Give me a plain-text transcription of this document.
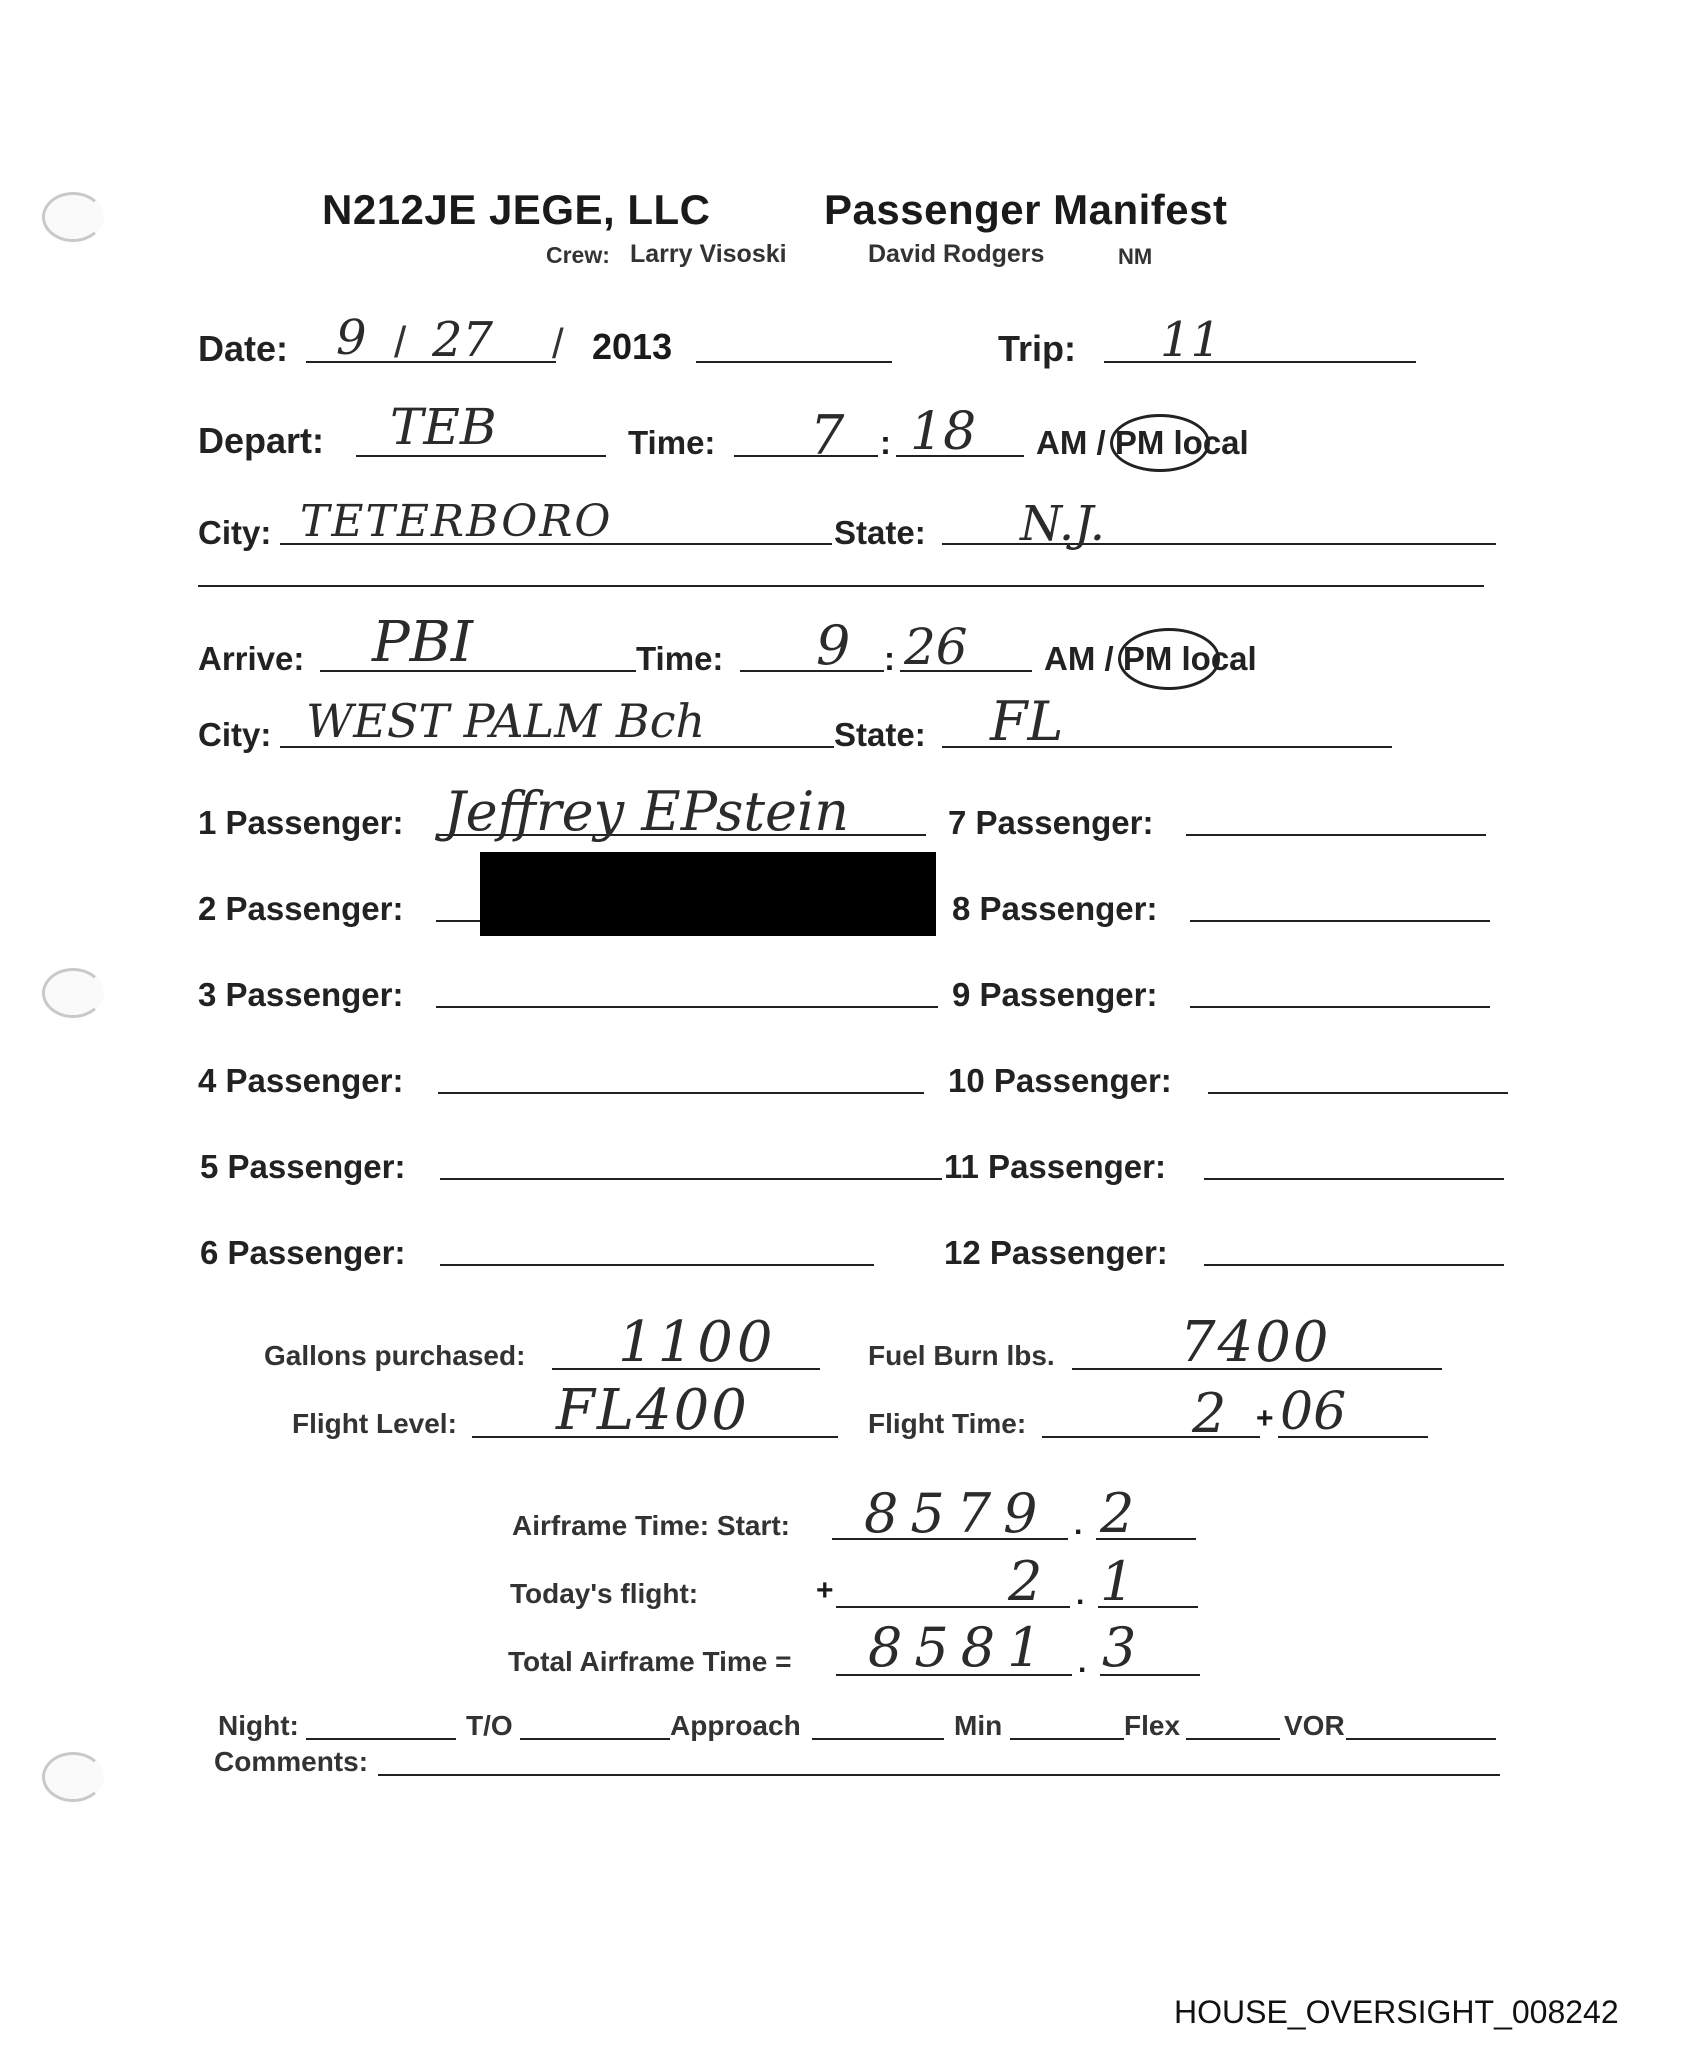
N212JE JEGE, LLC	Passenger Manifest
Crew: Larry Visoski	David Rodgers	NM
Date: 9 / 27 / 2013	Trip: 11
Depart: TEB	Time: 7 : 18 AM / PM local
City: TETERBORO	State: N.J.
Arrive: PBI	Time: 9 : 26 AM / PM local
City: WEST PALM Bch	State: FL
1 Passenger: Jeffrey EPstein
2 Passenger:
3 Passenger:
4 Passenger:
5 Passenger:
6 Passenger:
7 Passenger:
8 Passenger:
9 Passenger:
10 Passenger:
11 Passenger:
12 Passenger:
Gallons purchased: 1100	Fuel Burn lbs. 7400
Flight Level: FL400	Flight Time:	2 + 06
Airframe Time: Start: 8579 . 2
Today's flight:	+	2 . 1
Total Airframe Time = 8581 . 3
Night:	T/O	Approach	Min	Flex	VOR
Comments:
HOUSE_OVERSIGHT_008242
